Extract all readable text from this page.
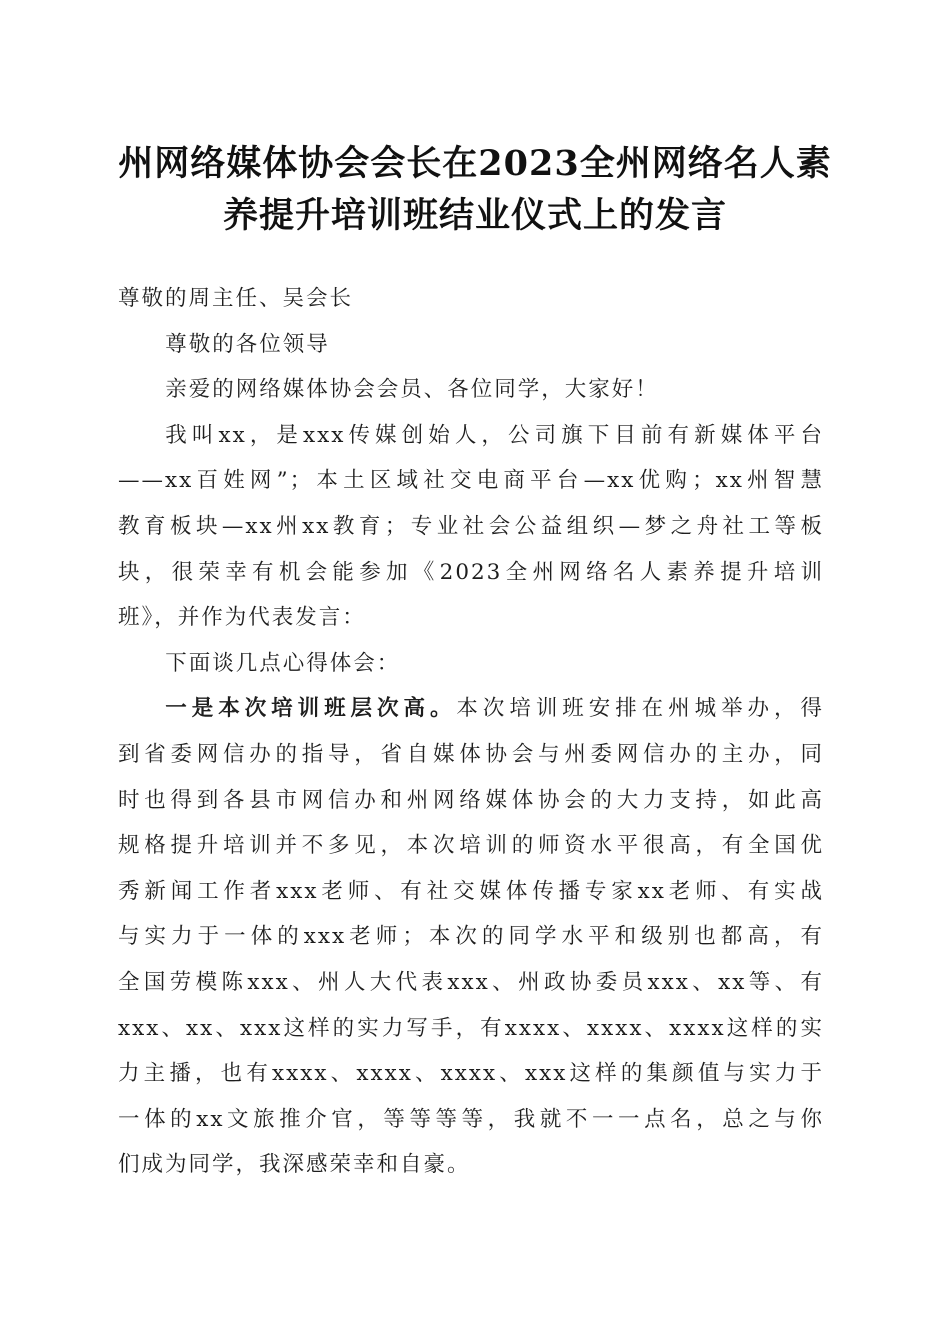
州网络媒体协会会长在2023全州网络名人素
养提升培训班结业仪式上的发言

尊敬的周主任、吴会长

尊敬的各位领导

亲爱的网络媒体协会会员、各位同学，大家好！

我叫xx，是xxx传媒创始人，公司旗下目前有新媒体平台
——xx百姓网”；本土区域社交电商平台—xx优购；xx州智慧
教育板块—xx州xx教育；专业社会公益组织—梦之舟社工等板
块，很荣幸有机会能参加《2023全州网络名人素养提升培训
班》，并作为代表发言：

下面谈几点心得体会：

一是本次培训班层次高。本次培训班安排在州城举办，得
到省委网信办的指导，省自媒体协会与州委网信办的主办，同
时也得到各县市网信办和州网络媒体协会的大力支持，如此高
规格提升培训并不多见，本次培训的师资水平很高，有全国优
秀新闻工作者xxx老师、有社交媒体传播专家xx老师、有实战
与实力于一体的xxx老师；本次的同学水平和级别也都高，有
全国劳模陈xxx、州人大代表xxx、州政协委员xxx、xx等、有
xxx、xx、xxx这样的实力写手，有xxxx、xxxx、xxxx这样的实
力主播，也有xxxx、xxxx、xxxx、xxx这样的集颜值与实力于
一体的xx文旅推介官，等等等等，我就不一一点名，总之与你
们成为同学，我深感荣幸和自豪。
